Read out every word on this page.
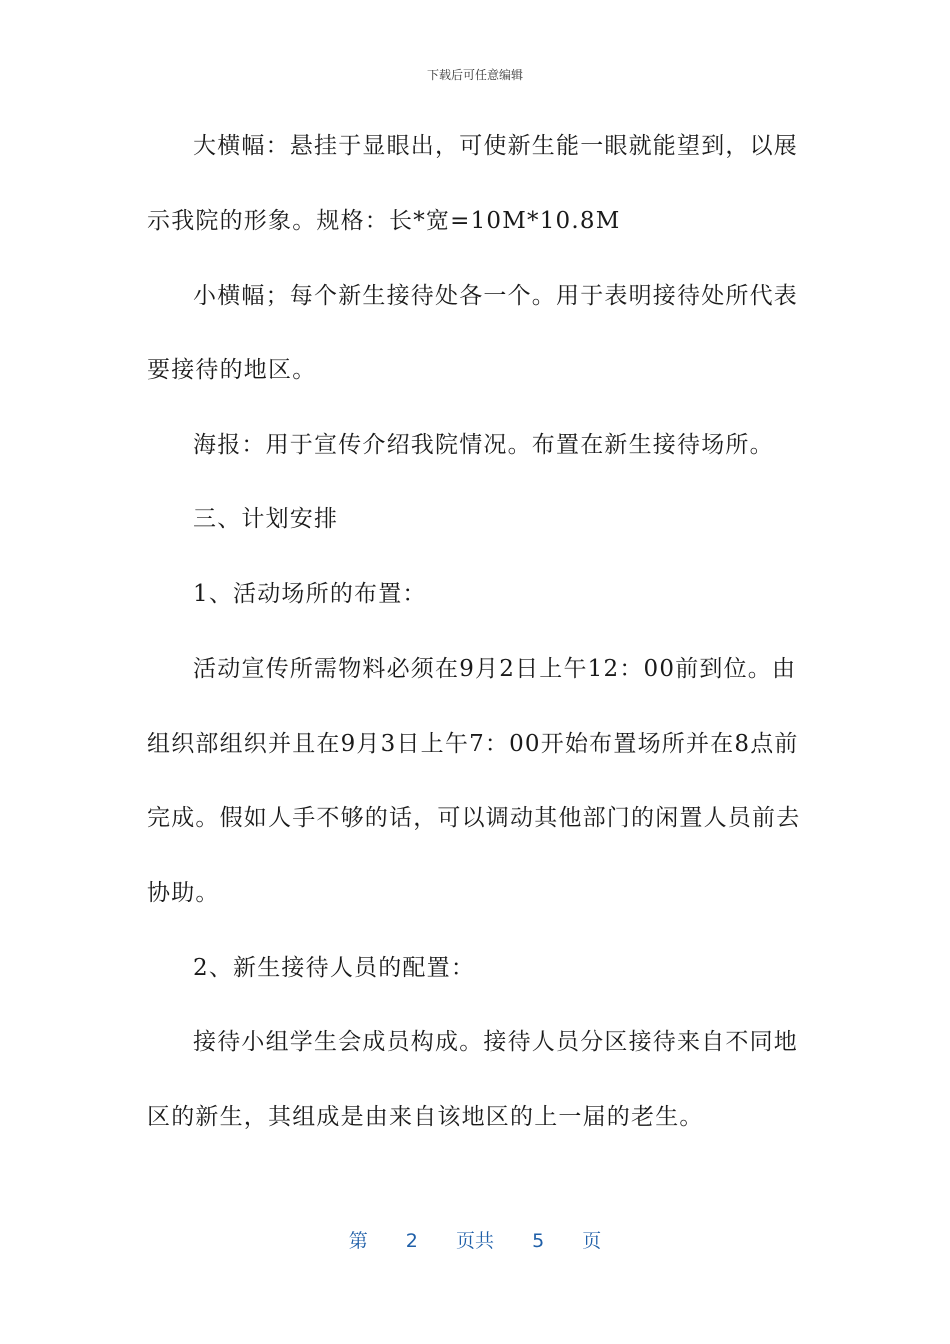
下载后可任意编辑
大横幅：悬挂于显眼出，可使新生能一眼就能望到，以展
示我院的形象。规格：长*宽=10M*10.8M
小横幅；每个新生接待处各一个。用于表明接待处所代表
要接待的地区。
海报：用于宣传介绍我院情况。布置在新生接待场所。
三、计划安排
1、活动场所的布置：
活动宣传所需物料必须在9月2日上午12：00前到位。由
组织部组织并且在9月3日上午7：00开始布置场所并在8点前
完成。假如人手不够的话，可以调动其他部门的闲置人员前去
协助。
2、新生接待人员的配置：
接待小组学生会成员构成。接待人员分区接待来自不同地
区的新生，其组成是由来自该地区的上一届的老生。
第 2 页共 5 页
